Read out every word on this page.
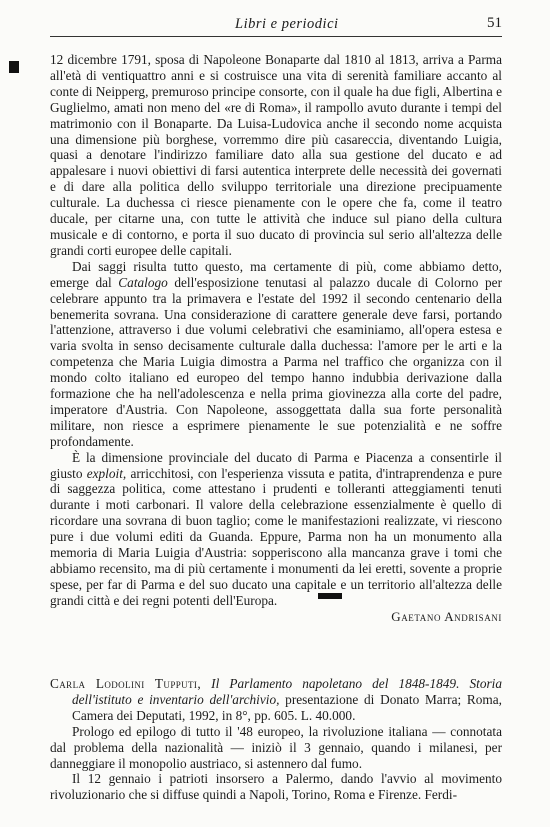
Libri e periodici	51

12 dicembre 1791, sposa di Napoleone Bonaparte dal 1810 al 1813, arriva a Parma all'età di ventiquattro anni e si costruisce una vita di serenità familiare accanto al conte di Neipperg, premuroso principe consorte, con il quale ha due figli, Albertina e Guglielmo, amati non meno del «re di Roma», il rampollo avuto durante i tempi del matrimonio con il Bonaparte. Da Luisa-Ludovica anche il secondo nome acquista una dimensione più borghese, vorremmo dire più casareccia, diventando Luigia, quasi a denotare l'indirizzo familiare dato alla sua gestione del ducato e ad appalesare i nuovi obiettivi di farsi autentica interprete delle necessità dei governati e di dare alla politica dello sviluppo territoriale una direzione precipuamente culturale. La duchessa ci riesce pienamente con le opere che fa, come il teatro ducale, per citarne una, con tutte le attività che induce sul piano della cultura musicale e di contorno, e porta il suo ducato di provincia sul serio all'altezza delle grandi corti europee delle capitali.

Dai saggi risulta tutto questo, ma certamente di più, come abbiamo detto, emerge dal Catalogo dell'esposizione tenutasi al palazzo ducale di Colorno per celebrare appunto tra la primavera e l'estate del 1992 il secondo centenario della benemerita sovrana. Una considerazione di carattere generale deve farsi, portando l'attenzione, attraverso i due volumi celebrativi che esaminiamo, all'opera estesa e varia svolta in senso decisamente culturale dalla duchessa: l'amore per le arti e la competenza che Maria Luigia dimostra a Parma nel traffico che organizza con il mondo colto italiano ed europeo del tempo hanno indubbia derivazione dalla formazione che ha nell'adolescenza e nella prima giovinezza alla corte del padre, imperatore d'Austria. Con Napoleone, assoggettata dalla sua forte personalità militare, non riesce a esprimere pienamente le sue potenzialità e ne soffre profondamente.

È la dimensione provinciale del ducato di Parma e Piacenza a consentirle il giusto exploit, arricchitosi, con l'esperienza vissuta e patita, d'intraprendenza e pure di saggezza politica, come attestano i prudenti e tolleranti atteggiamenti tenuti durante i moti carbonari. Il valore della celebrazione essenzialmente è quello di ricordare una sovrana di buon taglio; come le manifestazioni realizzate, vi riescono pure i due volumi editi da Guanda. Eppure, Parma non ha un monumento alla memoria di Maria Luigia d'Austria: sopperiscono alla mancanza grave i tomi che abbiamo recensito, ma di più certamente i monumenti da lei eretti, sovente a proprie spese, per far di Parma e del suo ducato una capitale e un territorio all'altezza delle grandi città e dei regni potenti dell'Europa.

Gaetano Andrisani

Carla Lodolini Tupputi, Il Parlamento napoletano del 1848-1849. Storia dell'istituto e inventario dell'archivio, presentazione di Donato Marra; Roma, Camera dei Deputati, 1992, in 8°, pp. 605. L. 40.000.

Prologo ed epilogo di tutto il '48 europeo, la rivoluzione italiana — connotata dal problema della nazionalità — iniziò il 3 gennaio, quando i milanesi, per danneggiare il monopolio austriaco, si astennero dal fumo.

Il 12 gennaio i patrioti insorsero a Palermo, dando l'avvio al movimento rivoluzionario che si diffuse quindi a Napoli, Torino, Roma e Firenze. Ferdi-
